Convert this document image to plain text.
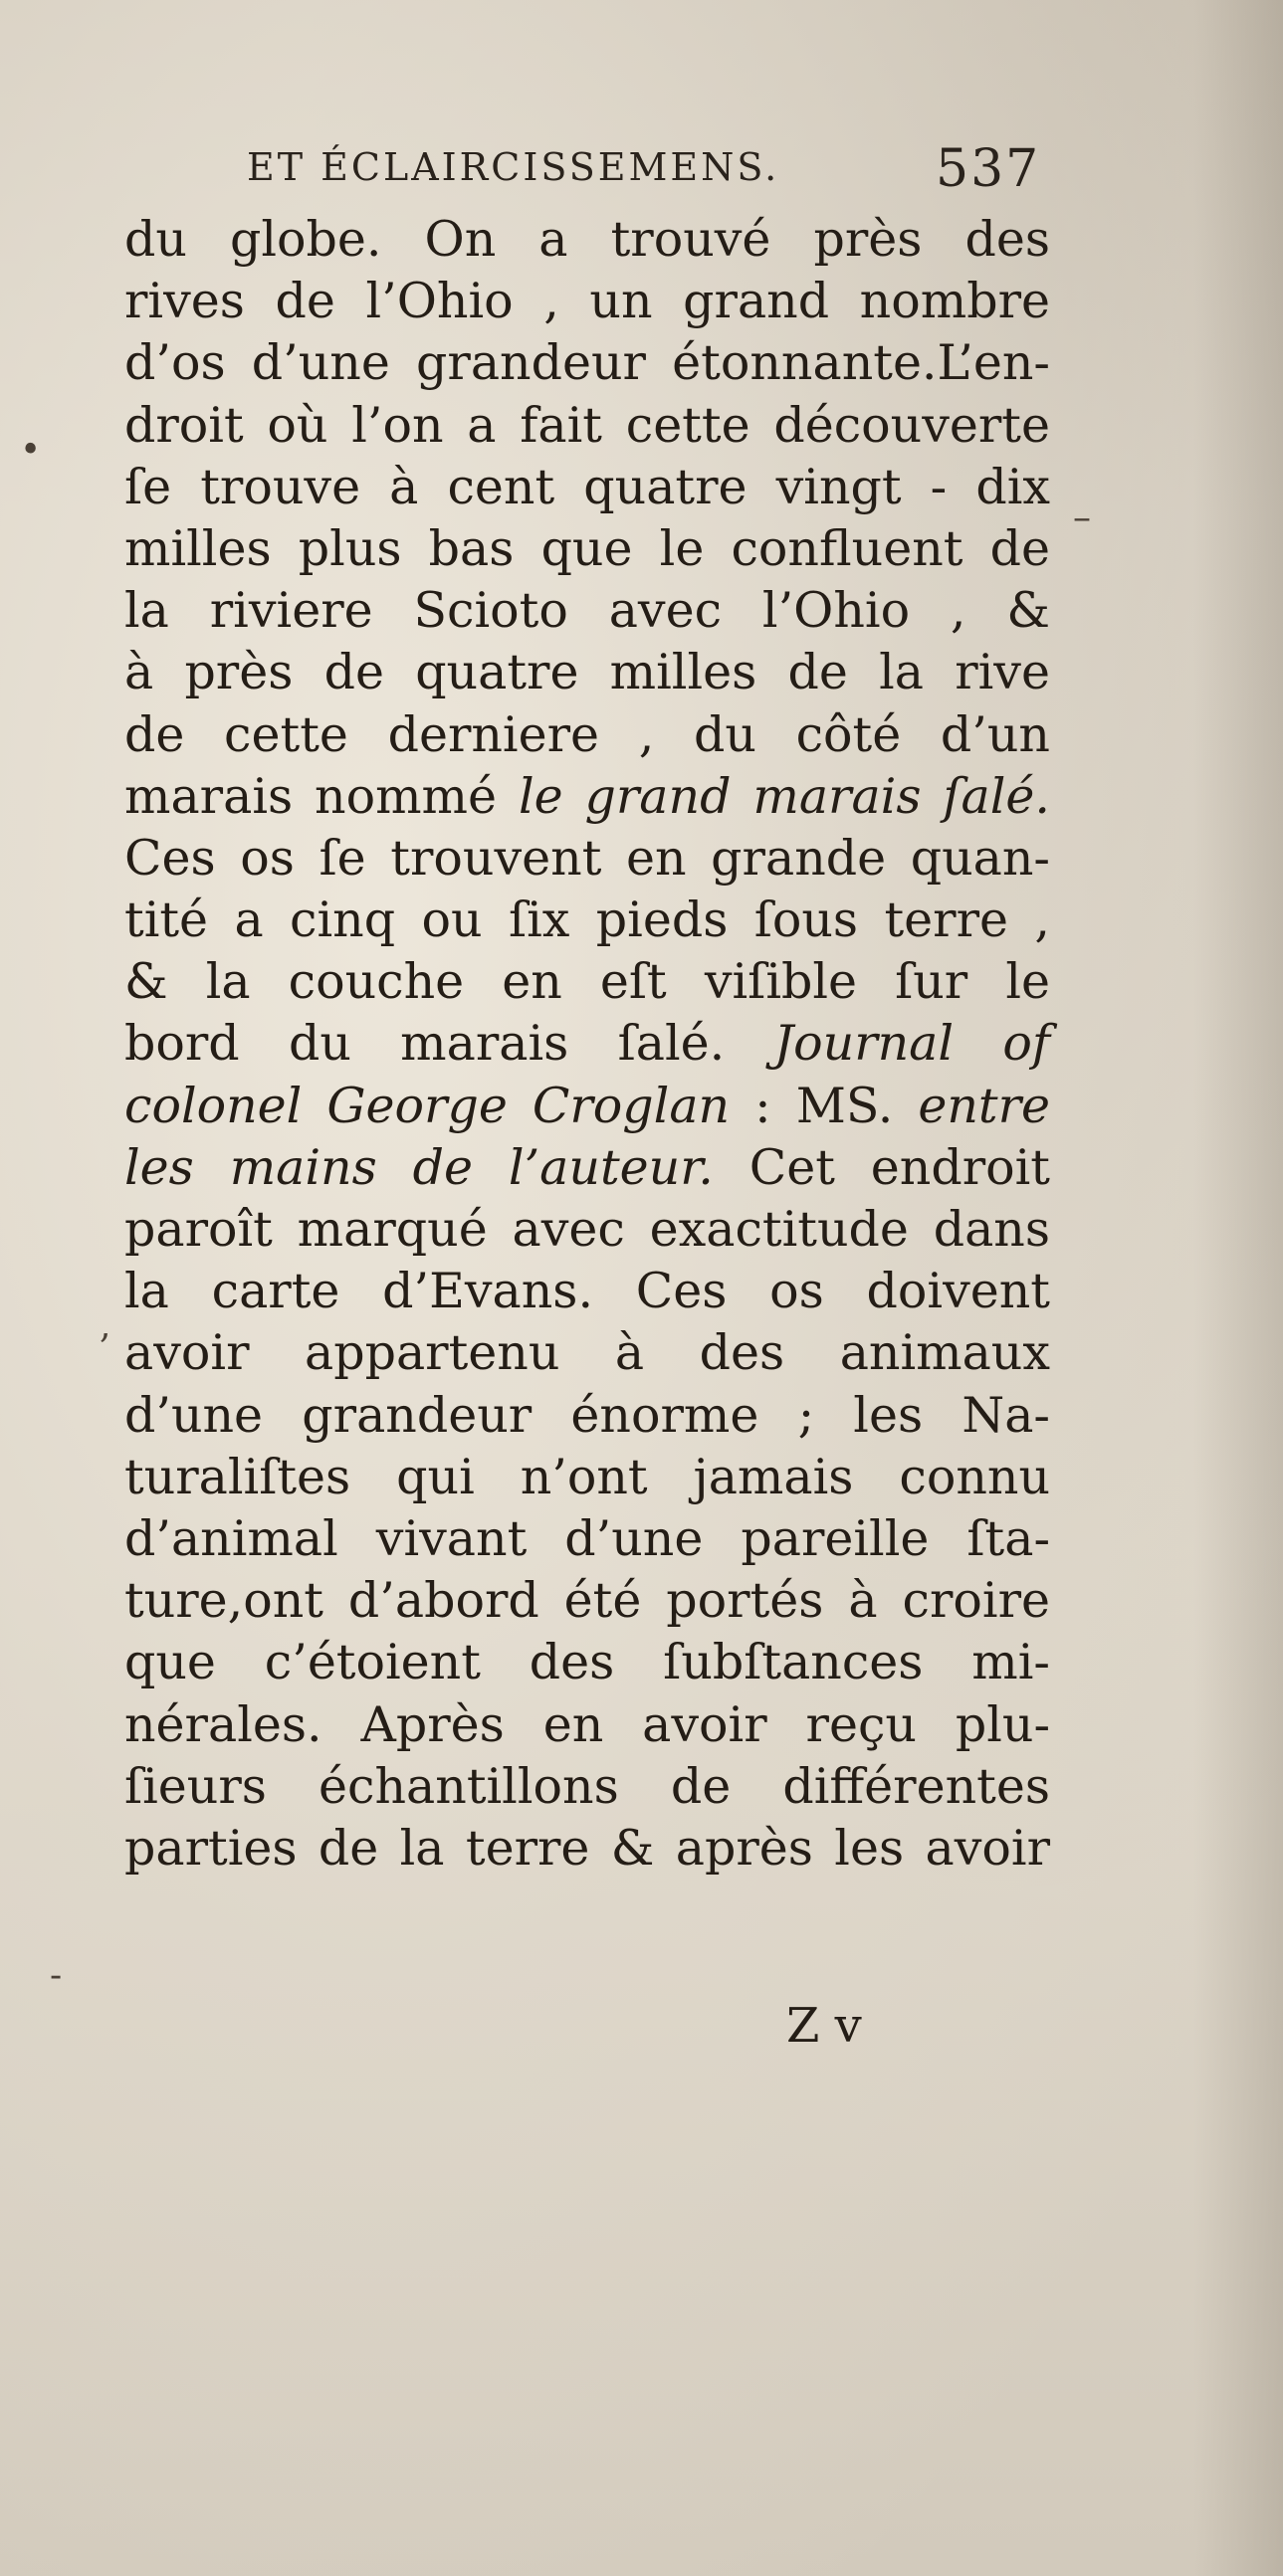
ET ÉCLAIRCISSEMENS.	537
du globe. On a trouvé près des
rives de l’Ohio , un grand nombre
d’os d’une grandeur étonnante.L’en-
droit où l’on a fait cette découverte
ſe trouve à cent quatre vingt - dix
milles plus bas que le confluent de
la riviere Scioto avec l’Ohio , &
à près de quatre milles de la rive
de cette derniere , du côté d’un
marais nommé le grand marais ſalé.
Ces os ſe trouvent en grande quan-
tité a cinq ou ſix pieds ſous terre ,
& la couche en eſt viſible ſur le
bord du marais ſalé. Journal of
colonel George Croglan : MS. entre
les mains de l’auteur. Cet endroit
paroît marqué avec exactitude dans
la carte d’Evans. Ces os doivent
avoir appartenu à des animaux
d’une grandeur énorme ; les Na-
turaliſtes qui n’ont jamais connu
d’animal vivant d’une pareille ſta-
ture,ont d’abord été portés à croire
que c’étoient des ſubſtances mi-
nérales. Après en avoir reçu plu-
ſieurs échantillons de différentes
parties de la terre & après les avoir
Z v
•
–
,
-
